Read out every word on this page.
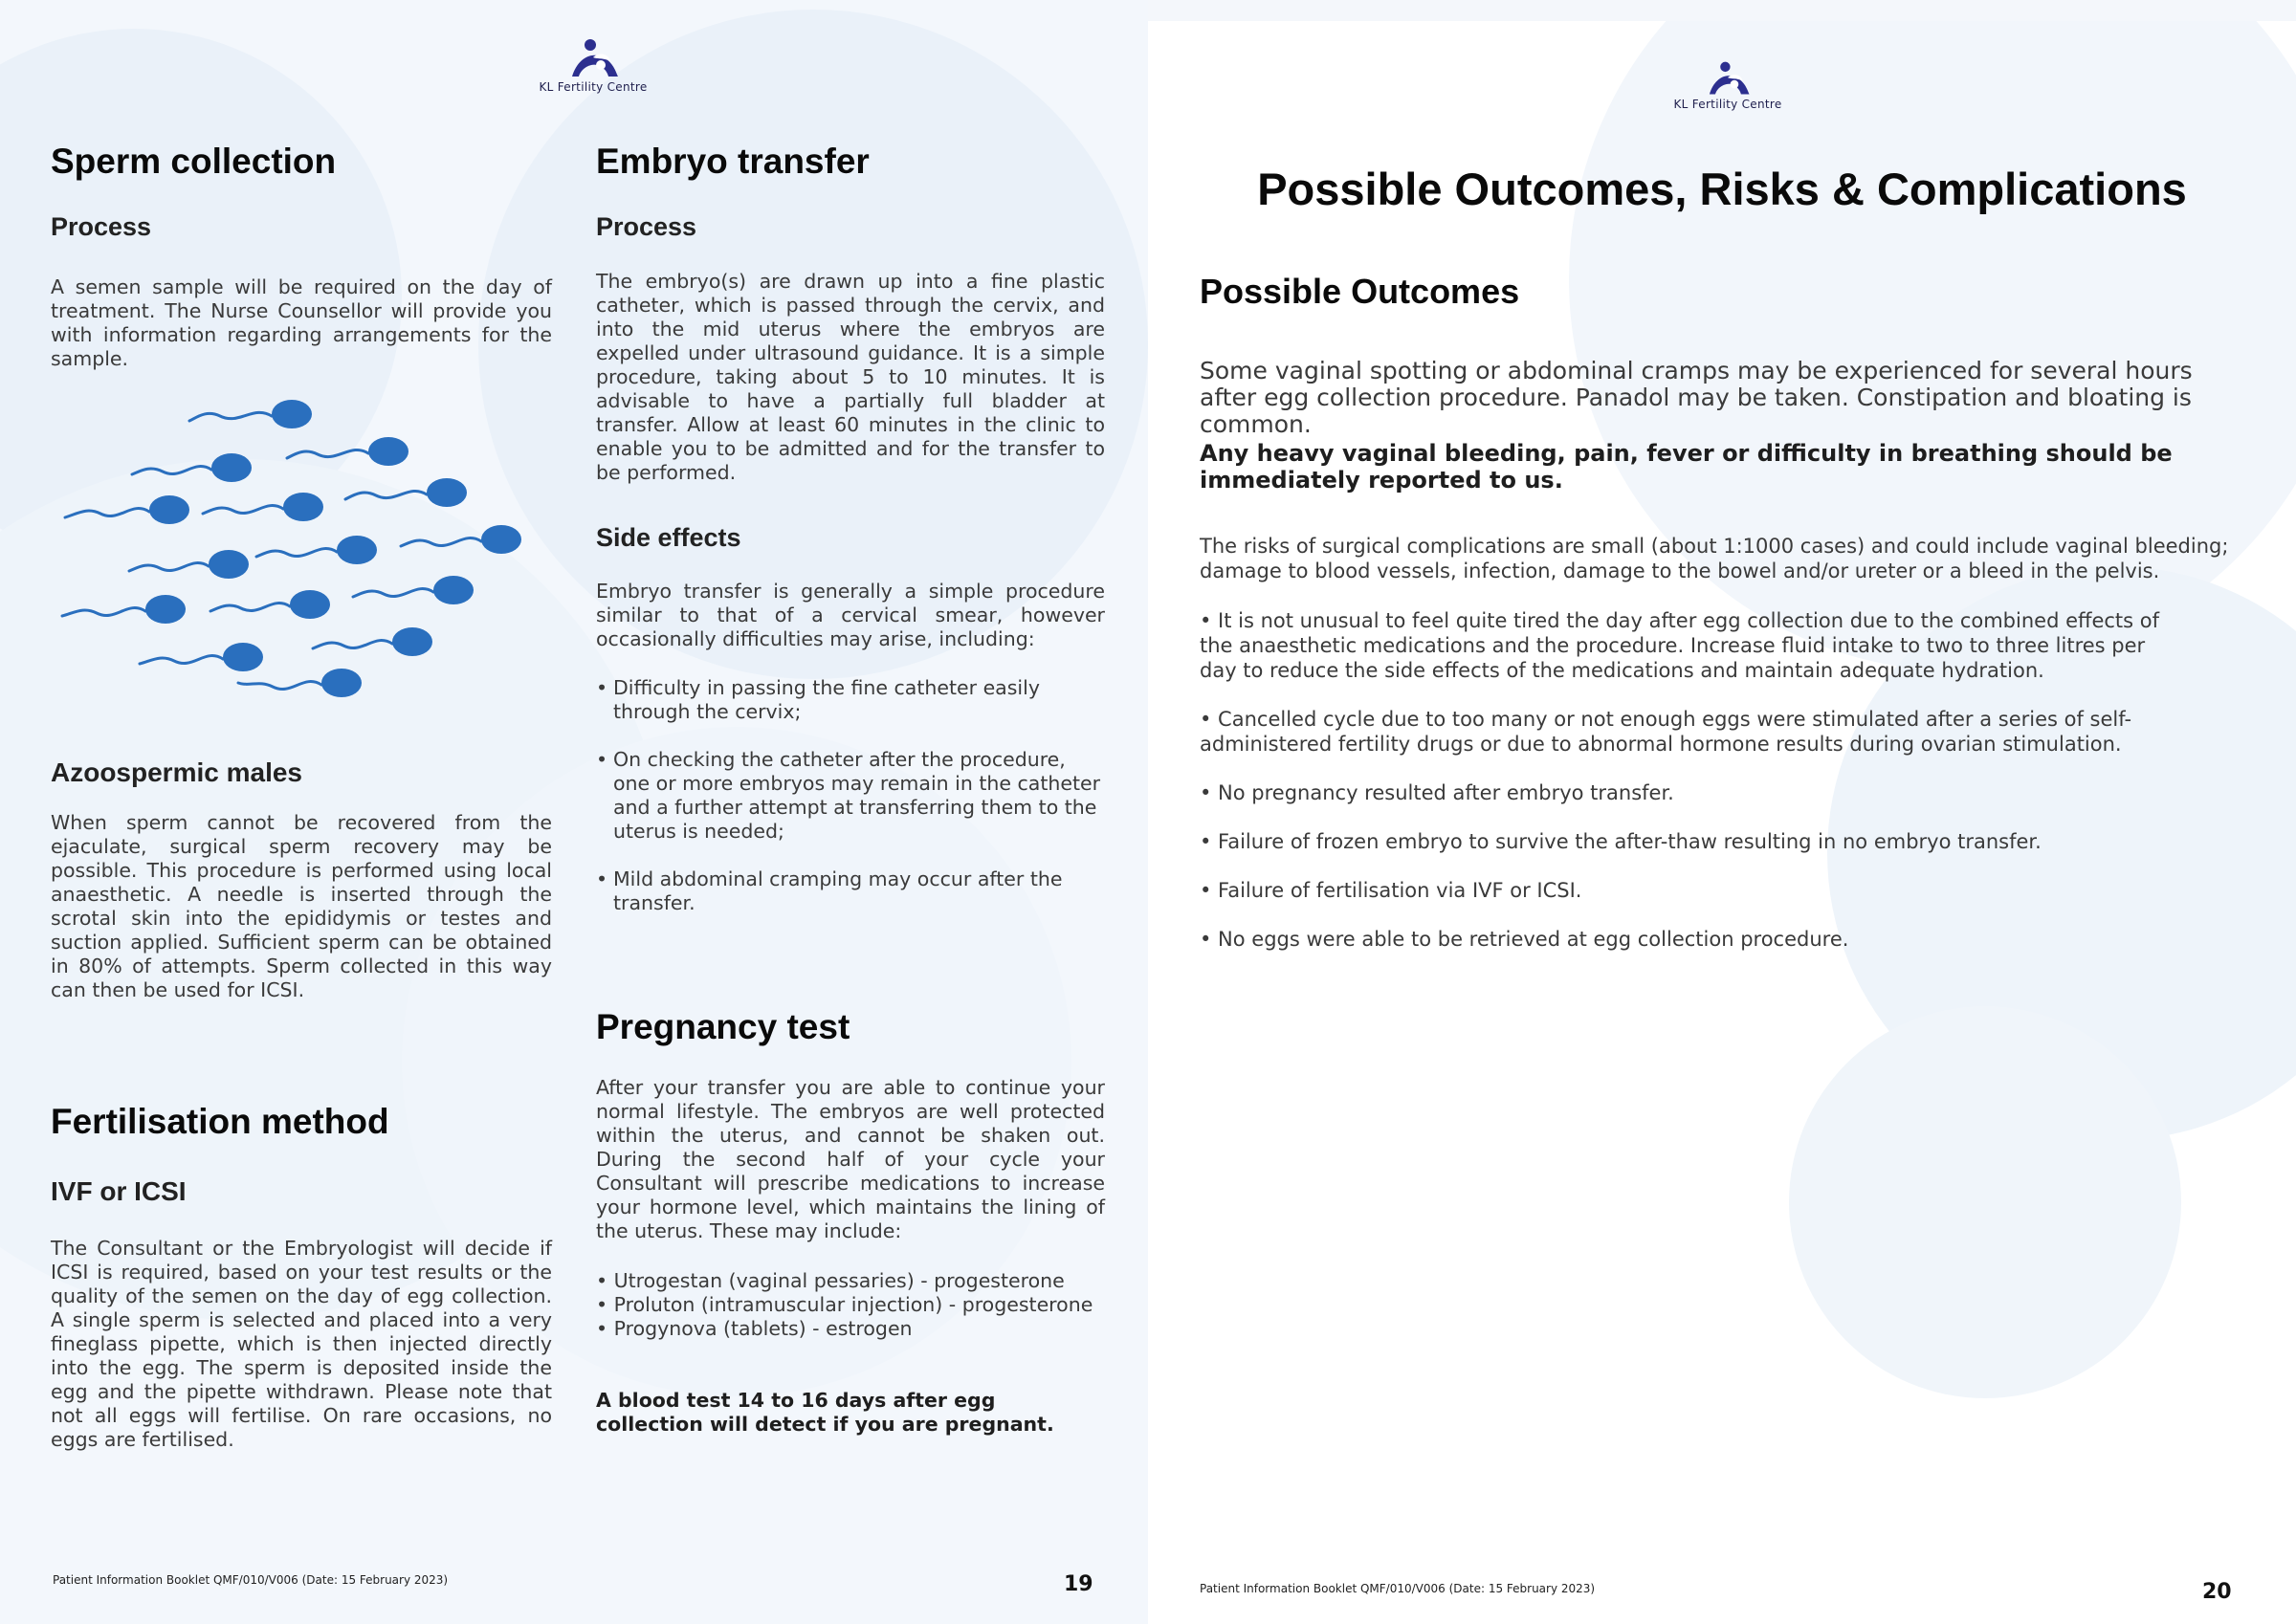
KL Fertility Centre
Sperm collection
Process

A semen sample will be required on the day of treatment. The Nurse Counsellor will provide you with information regarding arrangements for the sample.

Azoospermic males

When sperm cannot be recovered from the ejaculate, surgical sperm recovery may be possible. This procedure is performed using local anaesthetic. A needle is inserted through the scrotal skin into the epididymis or testes and suction applied. Sufficient sperm can be obtained in 80% of attempts. Sperm collected in this way can then be used for ICSI.

Fertilisation method
IVF or ICSI

The Consultant or the Embryologist will decide if ICSI is required, based on your test results or the quality of the semen on the day of egg collection. A single sperm is selected and placed into a very fineglass pipette, which is then injected directly into the egg. The sperm is deposited inside the egg and the pipette withdrawn. Please note that not all eggs will fertilise. On rare occasions, no eggs are fertilised.

Embryo transfer
Process

The embryo(s) are drawn up into a fine plastic catheter, which is passed through the cervix, and into the mid uterus where the embryos are expelled under ultrasound guidance. It is a simple procedure, taking about 5 to 10 minutes. It is advisable to have a partially full bladder at transfer. Allow at least 60 minutes in the clinic to enable you to be admitted and for the transfer to be performed.

Side effects

Embryo transfer is generally a simple procedure similar to that of a cervical smear, however occasionally difficulties may arise, including:

• Difficulty in passing the fine catheter easily through the cervix;
• On checking the catheter after the procedure, one or more embryos may remain in the catheter and a further attempt at transferring them to the uterus is needed;
• Mild abdominal cramping may occur after the transfer.
Pregnancy test

After your transfer you are able to continue your normal lifestyle. The embryos are well protected within the uterus, and cannot be shaken out. During the second half of your cycle your Consultant will prescribe medications to increase your hormone level, which maintains the lining of the uterus. These may include:

• Utrogestan (vaginal pessaries) - progesterone
• Proluton (intramuscular injection) - progesterone
• Progynova (tablets) - estrogen

A blood test 14 to 16 days after egg collection will detect if you are pregnant.

Patient Information Booklet QMF/010/V006 (Date: 15 February 2023)	19
KL Fertility Centre
Possible Outcomes, Risks & Complications
Possible Outcomes

Some vaginal spotting or abdominal cramps may be experienced for several hours after egg collection procedure. Panadol may be taken. Constipation and bloating is common.

Any heavy vaginal bleeding, pain, fever or difficulty in breathing should be immediately reported to us.

The risks of surgical complications are small (about 1:1000 cases) and could include vaginal bleeding; damage to blood vessels, infection, damage to the bowel and/or ureter or a bleed in the pelvis.

• It is not unusual to feel quite tired the day after egg collection due to the combined effects of the anaesthetic medications and the procedure. Increase fluid intake to two to three litres per day to reduce the side effects of the medications and maintain adequate hydration.
• Cancelled cycle due to too many or not enough eggs were stimulated after a series of self-administered fertility drugs or due to abnormal hormone results during ovarian stimulation.
• No pregnancy resulted after embryo transfer.
• Failure of frozen embryo to survive the after-thaw resulting in no embryo transfer.
• Failure of fertilisation via IVF or ICSI.
• No eggs were able to be retrieved at egg collection procedure.
Patient Information Booklet QMF/010/V006 (Date: 15 February 2023)	20
